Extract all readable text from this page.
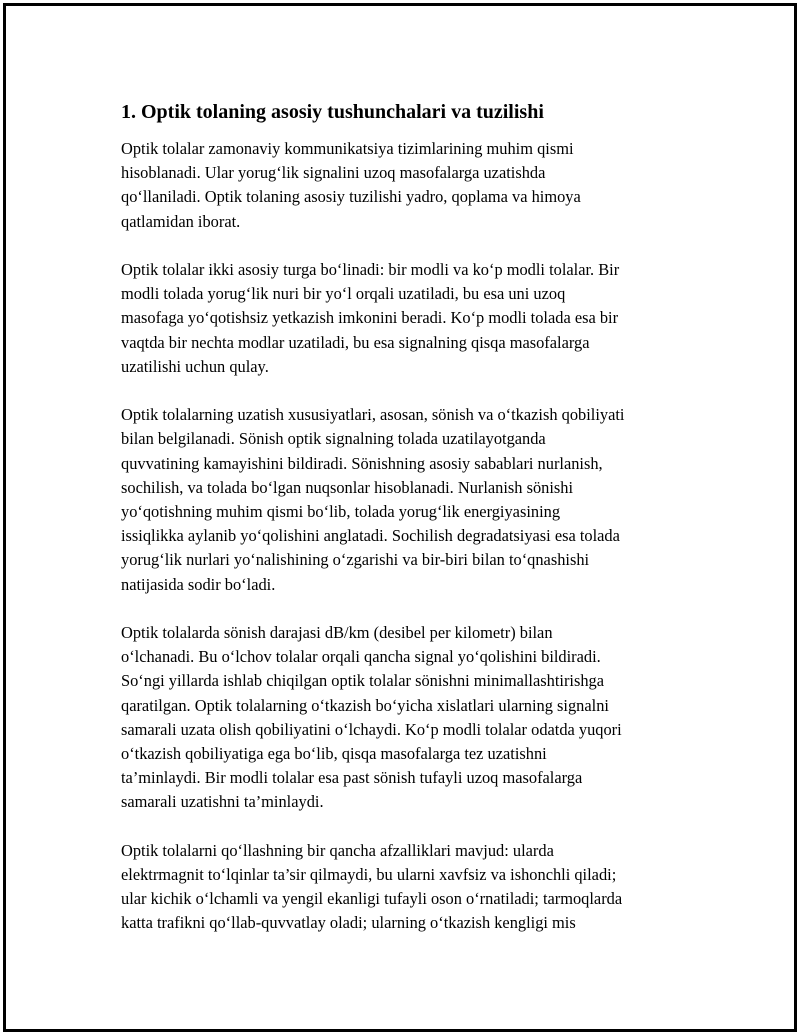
1. Optik tolaning asosiy tushunchalari va tuzilishi

Optik tolalar zamonaviy kommunikatsiya tizimlarining muhim qismi
hisoblanadi. Ular yorug‘lik signalini uzoq masofalarga uzatishda
qo‘llaniladi. Optik tolaning asosiy tuzilishi yadro, qoplama va himoya
qatlamidan iborat.

Optik tolalar ikki asosiy turga bo‘linadi: bir modli va ko‘p modli tolalar. Bir
modli tolada yorug‘lik nuri bir yo‘l orqali uzatiladi, bu esa uni uzoq
masofaga yo‘qotishsiz yetkazish imkonini beradi. Ko‘p modli tolada esa bir
vaqtda bir nechta modlar uzatiladi, bu esa signalning qisqa masofalarga
uzatilishi uchun qulay.

Optik tolalarning uzatish xususiyatlari, asosan, sönish va o‘tkazish qobiliyati
bilan belgilanadi. Sönish optik signalning tolada uzatilayotganda
quvvatining kamayishini bildiradi. Sönishning asosiy sabablari nurlanish,
sochilish, va tolada bo‘lgan nuqsonlar hisoblanadi. Nurlanish sönishi
yo‘qotishning muhim qismi bo‘lib, tolada yorug‘lik energiyasining
issiqlikka aylanib yo‘qolishini anglatadi. Sochilish degradatsiyasi esa tolada
yorug‘lik nurlari yo‘nalishining o‘zgarishi va bir-biri bilan to‘qnashishi
natijasida sodir bo‘ladi.

Optik tolalarda sönish darajasi dB/km (desibel per kilometr) bilan
o‘lchanadi. Bu o‘lchov tolalar orqali qancha signal yo‘qolishini bildiradi.
So‘ngi yillarda ishlab chiqilgan optik tolalar sönishni minimallashtirishga
qaratilgan. Optik tolalarning o‘tkazish bo‘yicha xislatlari ularning signalni
samarali uzata olish qobiliyatini o‘lchaydi. Ko‘p modli tolalar odatda yuqori
o‘tkazish qobiliyatiga ega bo‘lib, qisqa masofalarga tez uzatishni
ta’minlaydi. Bir modli tolalar esa past sönish tufayli uzoq masofalarga
samarali uzatishni ta’minlaydi.

Optik tolalarni qo‘llashning bir qancha afzalliklari mavjud: ularda
elektrmagnit to‘lqinlar ta’sir qilmaydi, bu ularni xavfsiz va ishonchli qiladi;
ular kichik o‘lchamli va yengil ekanligi tufayli oson o‘rnatiladi; tarmoqlarda
katta trafikni qo‘llab-quvvatlay oladi; ularning o‘tkazish kengligi mis
